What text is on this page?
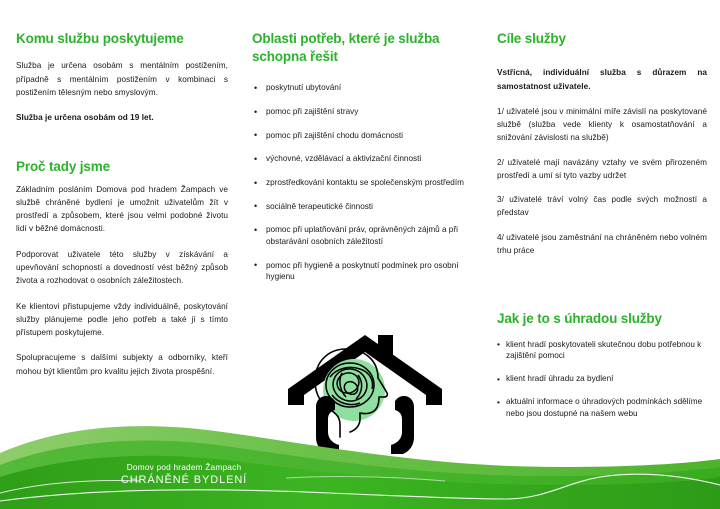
Komu službu poskytujeme

Služba je určena osobám s mentálním postižením, případně s mentálním postižením v kombinaci s postižením tělesným nebo smyslovým.

Služba je určena osobám od 19 let.

Proč tady jsme

Základním posláním Domova pod hradem Žampach ve službě chráněné bydlení je umožnit uživatelům žít v prostředí a způsobem, které jsou velmi podobné životu lidí v běžné domácnosti.

Podporovat uživatele této služby v získávání a upevňování schopností a dovedností vést běžný způsob života a rozhodovat o osobních záležitostech.

Ke klientovi přistupujeme vždy individuálně, poskytování služby plánujeme podle jeho potřeb a také jí s tímto přístupem poskytujeme.

Spolupracujeme s dalšími subjekty a odborníky, kteří mohou být klientům pro kvalitu jejich života prospěšní.

Oblasti potřeb, které je služba schopna řešit
• poskytnutí ubytování
• pomoc při zajištění stravy
• pomoc při zajištění chodu domácnosti
• výchovné, vzdělávací a aktivizační činnosti
• zprostředkování kontaktu se společenským prostředím
• sociálně terapeutické činnosti
• pomoc při uplatňování práv, oprávněných zájmů a při obstarávání osobních záležitostí
• pomoc při hygieně a poskytnutí podmínek pro osobní hygienu
Cíle služby

Vstřícná, individuální služba s důrazem na samostatnost uživatele.

1/ uživatelé jsou v minimální míře závislí na poskytované službě (služba vede klienty k osamostatňování a snižování závislosti na službě)

2/ uživatelé mají navázány vztahy ve svém přirozeném prostředí a umí si tyto vazby udržet

3/ uživatelé tráví volný čas podle svých možností a představ

4/ uživatelé jsou zaměstnání na chráněném nebo volném trhu práce

Jak je to s úhradou služby
• klient hradí poskytovateli skutečnou dobu potřebnou k zajištění pomoci
• klient hradí úhradu za bydlení
• aktuální informace o úhradových podmínkách sdělíme nebo jsou dostupné na našem webu
Domov pod hradem Žampach
CHRÁNĚNÉ BYDLENÍ
